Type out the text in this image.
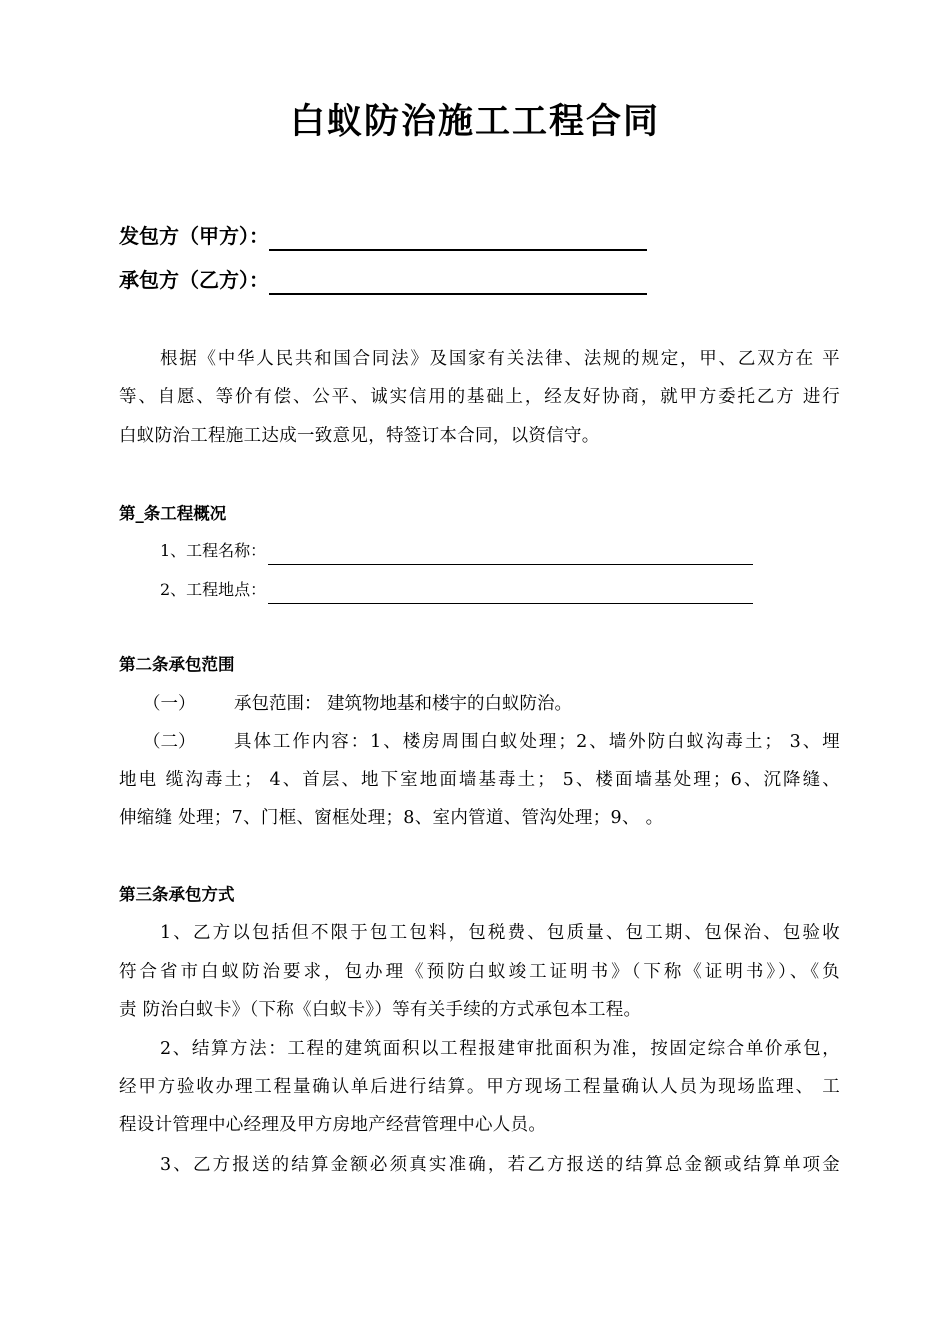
白蚁防治施工工程合同
发包方（甲方）：
承包方（乙方）：
根据《中华人民共和国合同法》及国家有关法律、法规的规定，甲、乙双方在 平
等、自愿、等价有偿、公平、诚实信用的基础上，经友好协商，就甲方委托乙方 进行
白蚁防治工程施工达成一致意见，特签订本合同，以资信守。
第_条工程概况
1、工程名称：
2、工程地点：
第二条承包范围
（一） 承包范围： 建筑物地基和楼宇的白蚁防治。
（二） 具体工作内容：1、楼房周围白蚁处理；2、墙外防白蚁沟毒土； 3、埋
地电 缆沟毒土； 4、首层、地下室地面墙基毒土； 5、楼面墙基处理；6、沉降缝、
伸缩缝 处理；7、门框、窗框处理；8、室内管道、管沟处理；9、 。
第三条承包方式
1、乙方以包括但不限于包工包料，包税费、包质量、包工期、包保治、包验收
符合省市白蚁防治要求，包办理《预防白蚁竣工证明书》（下称《证明书》）、《负
责 防治白蚁卡》（下称《白蚁卡》）等有关手续的方式承包本工程。
2、结算方法：工程的建筑面积以工程报建审批面积为准，按固定综合单价承包，
经甲方验收办理工程量确认单后进行结算。甲方现场工程量确认人员为现场监理、 工
程设计管理中心经理及甲方房地产经营管理中心人员。
3、乙方报送的结算金额必须真实准确，若乙方报送的结算总金额或结算单项金
